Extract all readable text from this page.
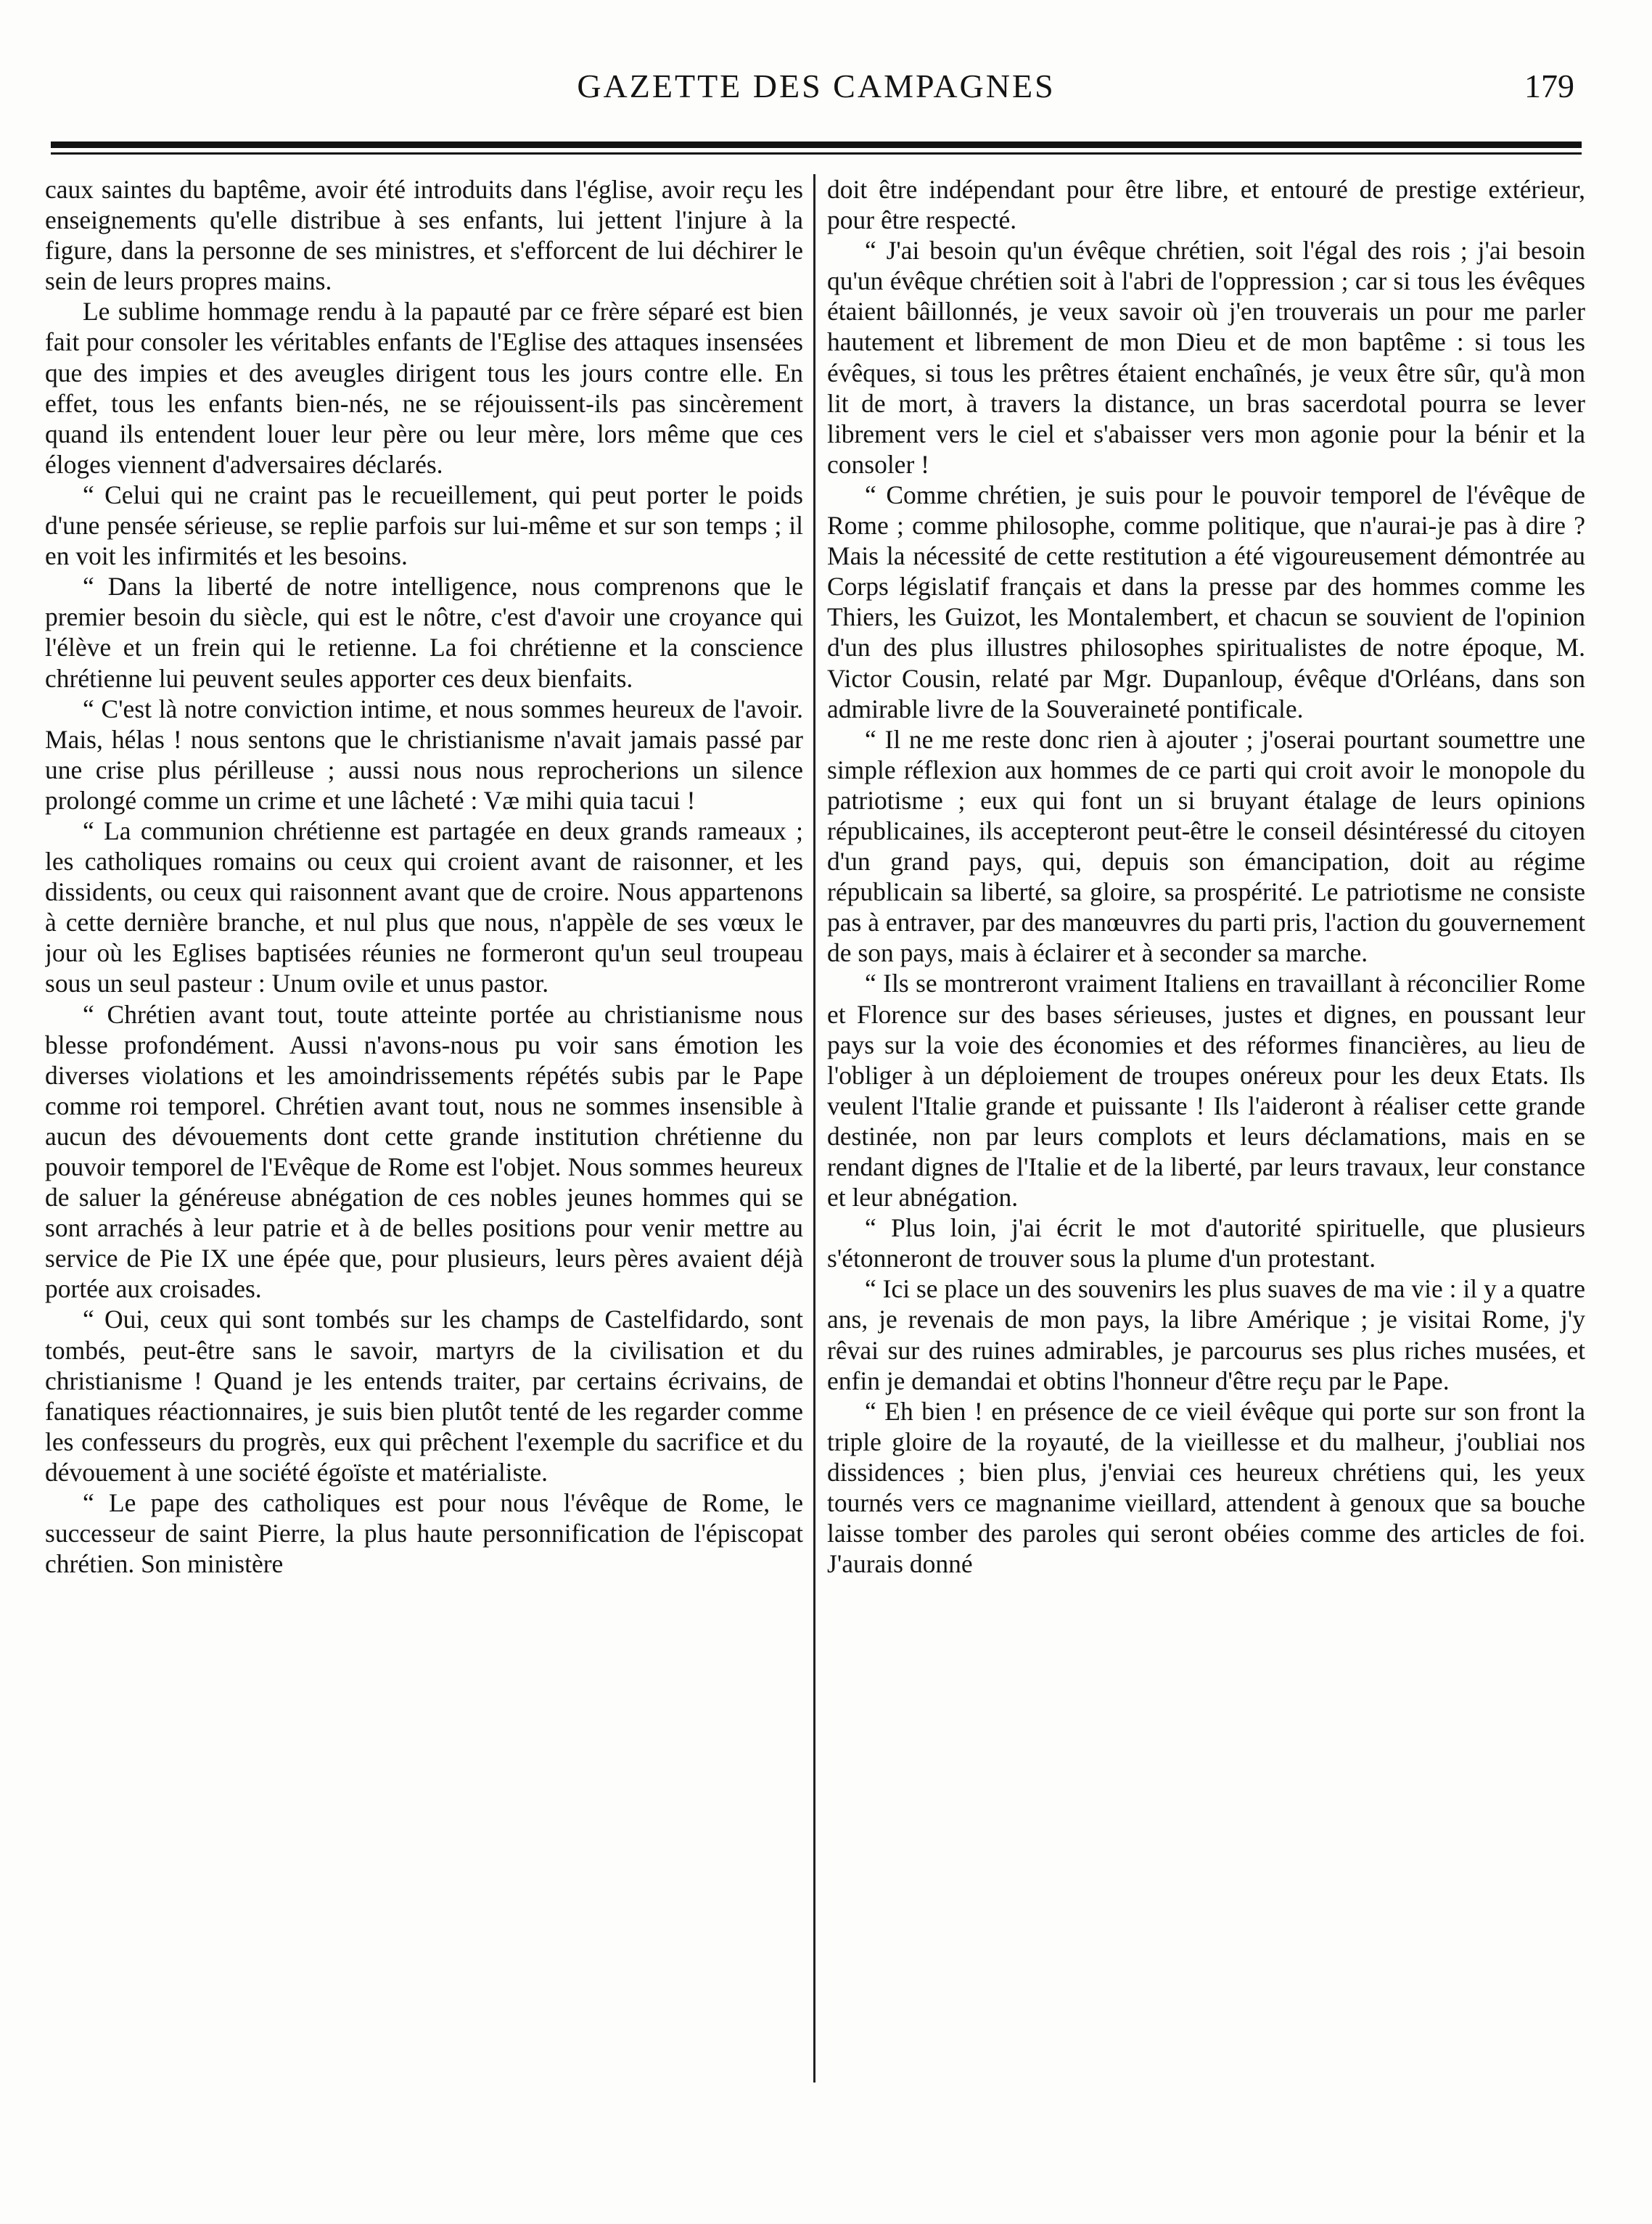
GAZETTE DES CAMPAGNES	179

caux saintes du baptême, avoir été introduits dans l'église, avoir reçu les enseignements qu'elle distribue à ses enfants, lui jettent l'injure à la figure, dans la personne de ses ministres, et s'efforcent de lui déchirer le sein de leurs propres mains.

Le sublime hommage rendu à la papauté par ce frère séparé est bien fait pour consoler les véritables enfants de l'Eglise des attaques insensées que des impies et des aveugles dirigent tous les jours contre elle. En effet, tous les enfants bien-nés, ne se réjouissent-ils pas sincèrement quand ils entendent louer leur père ou leur mère, lors même que ces éloges viennent d'adversaires déclarés.

“ Celui qui ne craint pas le recueillement, qui peut porter le poids d'une pensée sérieuse, se replie parfois sur lui-même et sur son temps ; il en voit les infirmités et les besoins.

“ Dans la liberté de notre intelligence, nous comprenons que le premier besoin du siècle, qui est le nôtre, c'est d'avoir une croyance qui l'élève et un frein qui le retienne. La foi chrétienne et la conscience chrétienne lui peuvent seules apporter ces deux bienfaits.

“ C'est là notre conviction intime, et nous sommes heureux de l'avoir. Mais, hélas ! nous sentons que le christianisme n'avait jamais passé par une crise plus périlleuse ; aussi nous nous reprocherions un silence prolongé comme un crime et une lâcheté : Væ mihi quia tacui !

“ La communion chrétienne est partagée en deux grands rameaux ; les catholiques romains ou ceux qui croient avant de raisonner, et les dissidents, ou ceux qui raisonnent avant que de croire. Nous appartenons à cette dernière branche, et nul plus que nous, n'appèle de ses vœux le jour où les Eglises baptisées réunies ne formeront qu'un seul troupeau sous un seul pasteur : Unum ovile et unus pastor.

“ Chrétien avant tout, toute atteinte portée au christianisme nous blesse profondément. Aussi n'avons-nous pu voir sans émotion les diverses violations et les amoindrissements répétés subis par le Pape comme roi temporel. Chrétien avant tout, nous ne sommes insensible à aucun des dévouements dont cette grande institution chrétienne du pouvoir temporel de l'Evêque de Rome est l'objet. Nous sommes heureux de saluer la généreuse abnégation de ces nobles jeunes hommes qui se sont arrachés à leur patrie et à de belles positions pour venir mettre au service de Pie IX une épée que, pour plusieurs, leurs pères avaient déjà portée aux croisades.

“ Oui, ceux qui sont tombés sur les champs de Castelfidardo, sont tombés, peut-être sans le savoir, martyrs de la civilisation et du christianisme ! Quand je les entends traiter, par certains écrivains, de fanatiques réactionnaires, je suis bien plutôt tenté de les regarder comme les confesseurs du progrès, eux qui prêchent l'exemple du sacrifice et du dévouement à une société égoïste et matérialiste.

“ Le pape des catholiques est pour nous l'évêque de Rome, le successeur de saint Pierre, la plus haute personnification de l'épiscopat chrétien. Son ministère

doit être indépendant pour être libre, et entouré de prestige extérieur, pour être respecté.

“ J'ai besoin qu'un évêque chrétien, soit l'égal des rois ; j'ai besoin qu'un évêque chrétien soit à l'abri de l'oppression ; car si tous les évêques étaient bâillonnés, je veux savoir où j'en trouverais un pour me parler hautement et librement de mon Dieu et de mon baptême : si tous les évêques, si tous les prêtres étaient enchaînés, je veux être sûr, qu'à mon lit de mort, à travers la distance, un bras sacerdotal pourra se lever librement vers le ciel et s'abaisser vers mon agonie pour la bénir et la consoler !

“ Comme chrétien, je suis pour le pouvoir temporel de l'évêque de Rome ; comme philosophe, comme politique, que n'aurai-je pas à dire ? Mais la nécessité de cette restitution a été vigoureusement démontrée au Corps législatif français et dans la presse par des hommes comme les Thiers, les Guizot, les Montalembert, et chacun se souvient de l'opinion d'un des plus illustres philosophes spiritualistes de notre époque, M. Victor Cousin, relaté par Mgr. Dupanloup, évêque d'Orléans, dans son admirable livre de la Souveraineté pontificale.

“ Il ne me reste donc rien à ajouter ; j'oserai pourtant soumettre une simple réflexion aux hommes de ce parti qui croit avoir le monopole du patriotisme ; eux qui font un si bruyant étalage de leurs opinions républicaines, ils accepteront peut-être le conseil désintéressé du citoyen d'un grand pays, qui, depuis son émancipation, doit au régime républicain sa liberté, sa gloire, sa prospérité. Le patriotisme ne consiste pas à entraver, par des manœuvres du parti pris, l'action du gouvernement de son pays, mais à éclairer et à seconder sa marche.

“ Ils se montreront vraiment Italiens en travaillant à réconcilier Rome et Florence sur des bases sérieuses, justes et dignes, en poussant leur pays sur la voie des économies et des réformes financières, au lieu de l'obliger à un déploiement de troupes onéreux pour les deux Etats. Ils veulent l'Italie grande et puissante ! Ils l'aideront à réaliser cette grande destinée, non par leurs complots et leurs déclamations, mais en se rendant dignes de l'Italie et de la liberté, par leurs travaux, leur constance et leur abnégation.

“ Plus loin, j'ai écrit le mot d'autorité spirituelle, que plusieurs s'étonneront de trouver sous la plume d'un protestant.

“ Ici se place un des souvenirs les plus suaves de ma vie : il y a quatre ans, je revenais de mon pays, la libre Amérique ; je visitai Rome, j'y rêvai sur des ruines admirables, je parcourus ses plus riches musées, et enfin je demandai et obtins l'honneur d'être reçu par le Pape.

“ Eh bien ! en présence de ce vieil évêque qui porte sur son front la triple gloire de la royauté, de la vieillesse et du malheur, j'oubliai nos dissidences ; bien plus, j'enviai ces heureux chrétiens qui, les yeux tournés vers ce magnanime vieillard, attendent à genoux que sa bouche laisse tomber des paroles qui seront obéies comme des articles de foi. J'aurais donné
